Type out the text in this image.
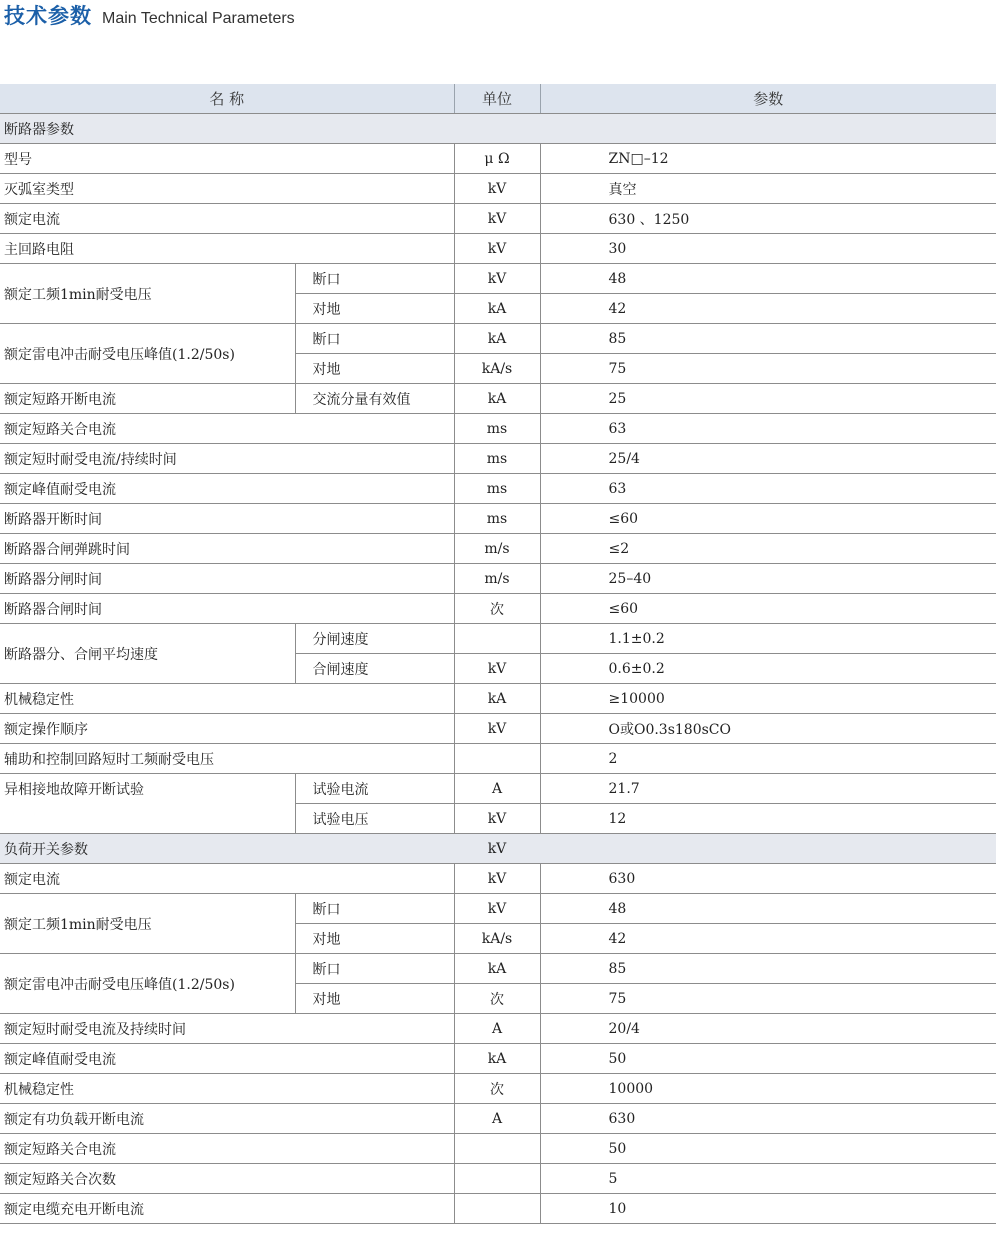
技术参数 Main Technical Parameters
名 称		单位	参数
断路器参数			
型号		μ Ω	ZN□–12
灭弧室类型		kV	真空
额定电流		kV	630 、1250
主回路电阻		kV	30
额定工频1min耐受电压	断口	kV	48
	对地	kA	42
额定雷电冲击耐受电压峰值(1.2/50s)	断口	kA	85
	对地	kA/s	75
额定短路开断电流	交流分量有效值	kA	25
额定短路关合电流		ms	63
额定短时耐受电流/持续时间		ms	25/4
额定峰值耐受电流		ms	63
断路器开断时间		ms	≤60
断路器合闸弹跳时间		m/s	≤2
断路器分闸时间		m/s	25–40
断路器合闸时间		次	≤60
断路器分、合闸平均速度	分闸速度		1.1±0.2
	合闸速度	kV	0.6±0.2
机械稳定性		kA	≥10000
额定操作顺序		kV	O或O0.3s180sCO
辅助和控制回路短时工频耐受电压			2
异相接地故障开断试验	试验电流	A	21.7
	试验电压	kV	12
负荷开关参数		kV	
额定电流		kV	630
额定工频1min耐受电压	断口	kV	48
	对地	kA/s	42
额定雷电冲击耐受电压峰值(1.2/50s)	断口	kA	85
	对地	次	75
额定短时耐受电流及持续时间		A	20/4
额定峰值耐受电流		kA	50
机械稳定性		次	10000
额定有功负载开断电流		A	630
额定短路关合电流			50
额定短路关合次数			5
额定电缆充电开断电流			10
